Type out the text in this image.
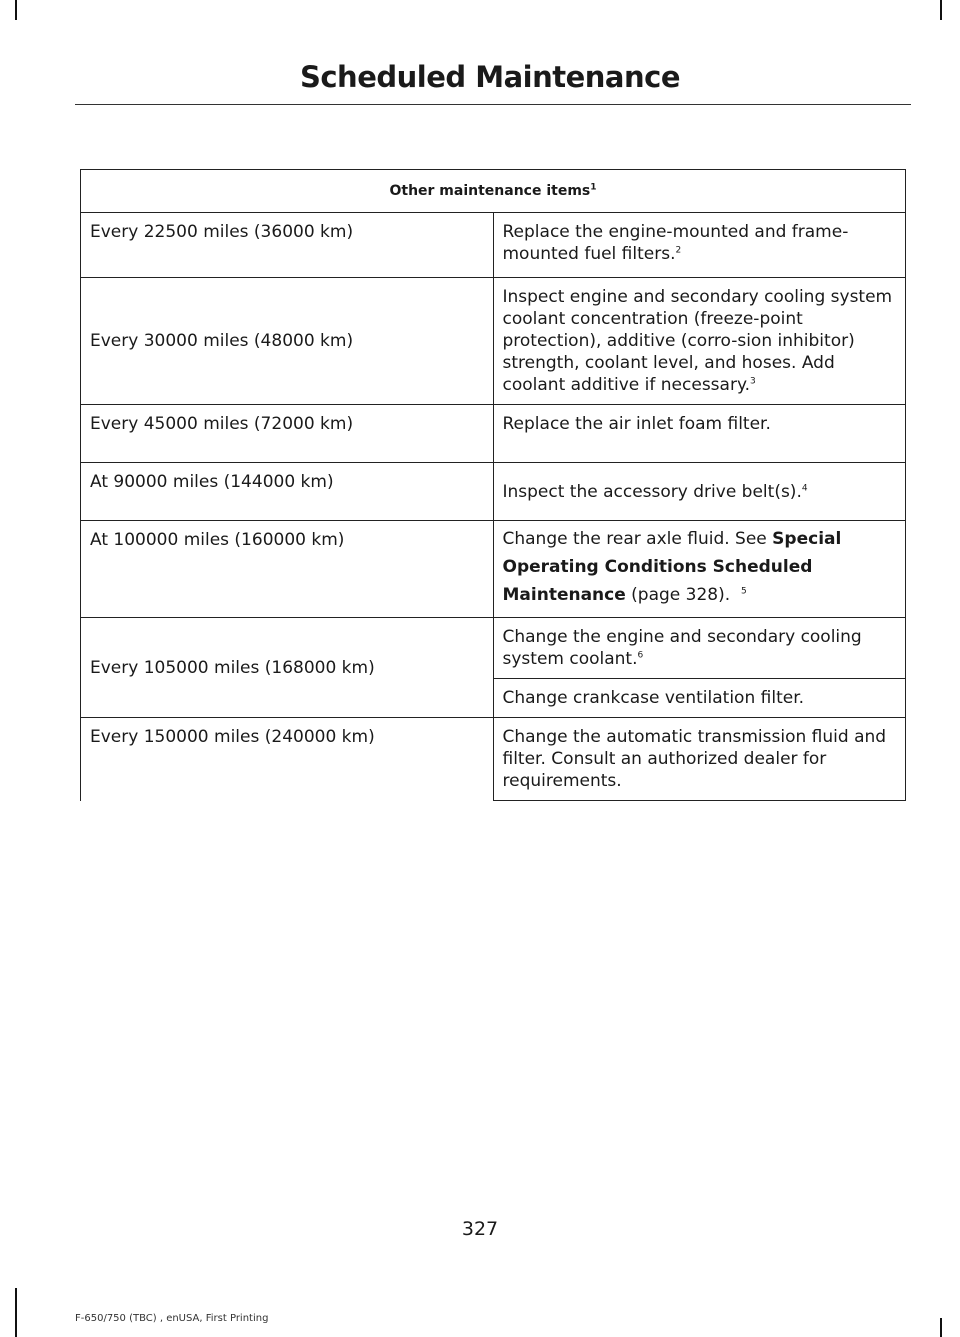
Scheduled Maintenance
Other maintenance items$^1$
Every 22500 miles (36000 km)	Replace the engine-mounted and frame-mounted fuel filters.$^2$
Every 30000 miles (48000 km)	Inspect engine and secondary cooling system coolant concentration (freeze-point protection), additive (corro-sion inhibitor) strength, coolant level, and hoses. Add coolant additive if necessary.$^3$
Every 45000 miles (72000 km)	Replace the air inlet foam filter.
At 90000 miles (144000 km)	Inspect the accessory drive belt(s).$^4$
At 100000 miles (160000 km)	Change the rear axle fluid. See Special Operating Conditions Scheduled Maintenance (page 328). $^5$
Every 105000 miles (168000 km)	Change the engine and secondary cooling system coolant.$^6$
	Change crankcase ventilation filter.
Every 150000 miles (240000 km)	Change the automatic transmission fluid and filter. Consult an authorized dealer for requirements.
327
F-650/750 (TBC) , enUSA, First Printing
